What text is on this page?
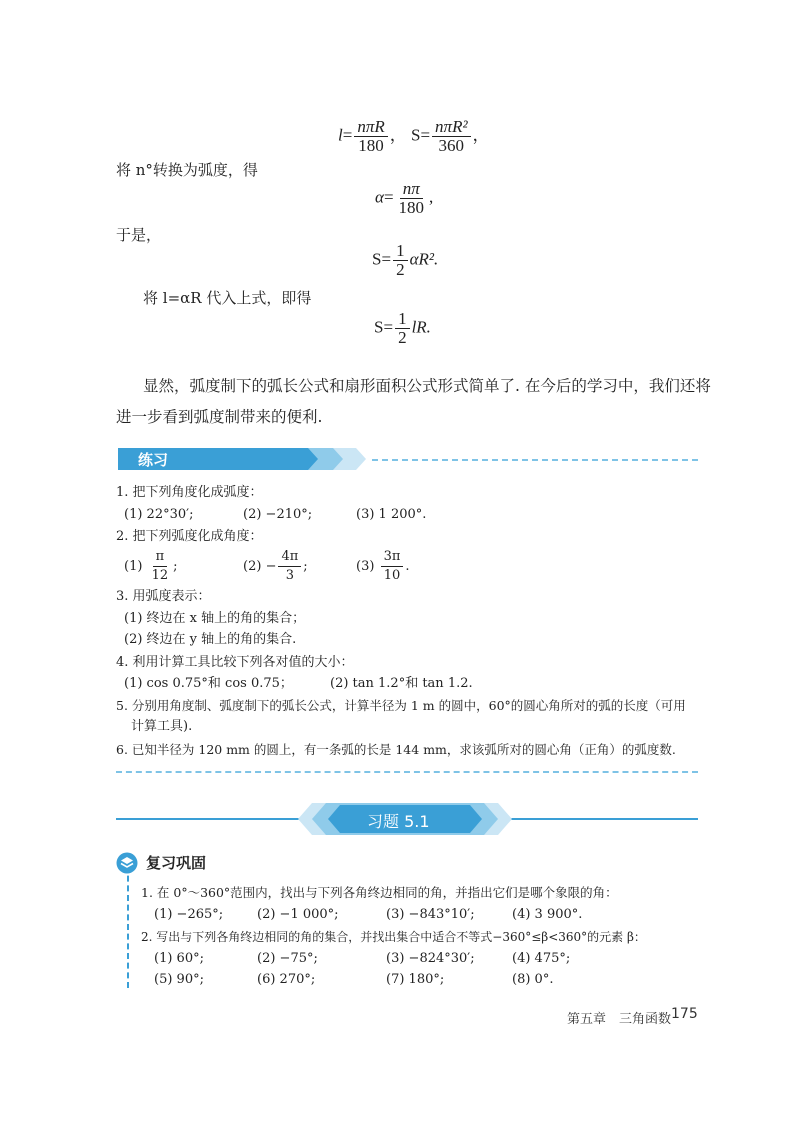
$l= \frac{\text{nπR}}{180}$ ， $S= \frac{\text{nπR²}}{360}$ ，
将 n°转换为弧度，得
$\alpha= \frac{n\pi}{180}$ ,
于是，
$S= \frac{1}{2} \alpha R^2$.
将 l=αR 代入上式，即得
$S= \frac{1}{2}$ lR.
显然，弧度制下的弧长公式和扇形面积公式形式简单了. 在今后的学习中，我们还将
进一步看到弧度制带来的便利.
练习
1. 把下列角度化成弧度：
(1) 22°30′;	(2) −210°;	(3) 1 200°.
2. 把下列弧度化成角度：
$(1) \frac{\pi}{12}$ ;	$(2) - \frac{4\pi}{3}$ ;	$(3) \frac{3\pi}{10}$ .
3. 用弧度表示：
(1) 终边在 x 轴上的角的集合；
(2) 终边在 y 轴上的角的集合.
4. 利用计算工具比较下列各对值的大小：
(1) cos 0.75°和 cos 0.75；	(2) tan 1.2°和 tan 1.2.
5. 分别用角度制、弧度制下的弧长公式，计算半径为 1 m 的圆中，60°的圆心角所对的弧的长度（可用
计算工具).
6. 已知半径为 120 mm 的圆上，有一条弧的长是 144 mm，求该弧所对的圆心角（正角）的弧度数.
习题 5.1
复习巩固
1. 在 0°～360°范围内，找出与下列各角终边相同的角，并指出它们是哪个象限的角：
(1) −265°;	(2) −1 000°;	(3) −843°10′;	(4) 3 900°.
2. 写出与下列各角终边相同的角的集合，并找出集合中适合不等式−360°≤β<360°的元素 β：
(1) 60°;	(2) −75°;	(3) −824°30′;	(4) 475°;
(5) 90°;	(6) 270°;	(7) 180°;	(8) 0°.
第五章　三角函数 175
